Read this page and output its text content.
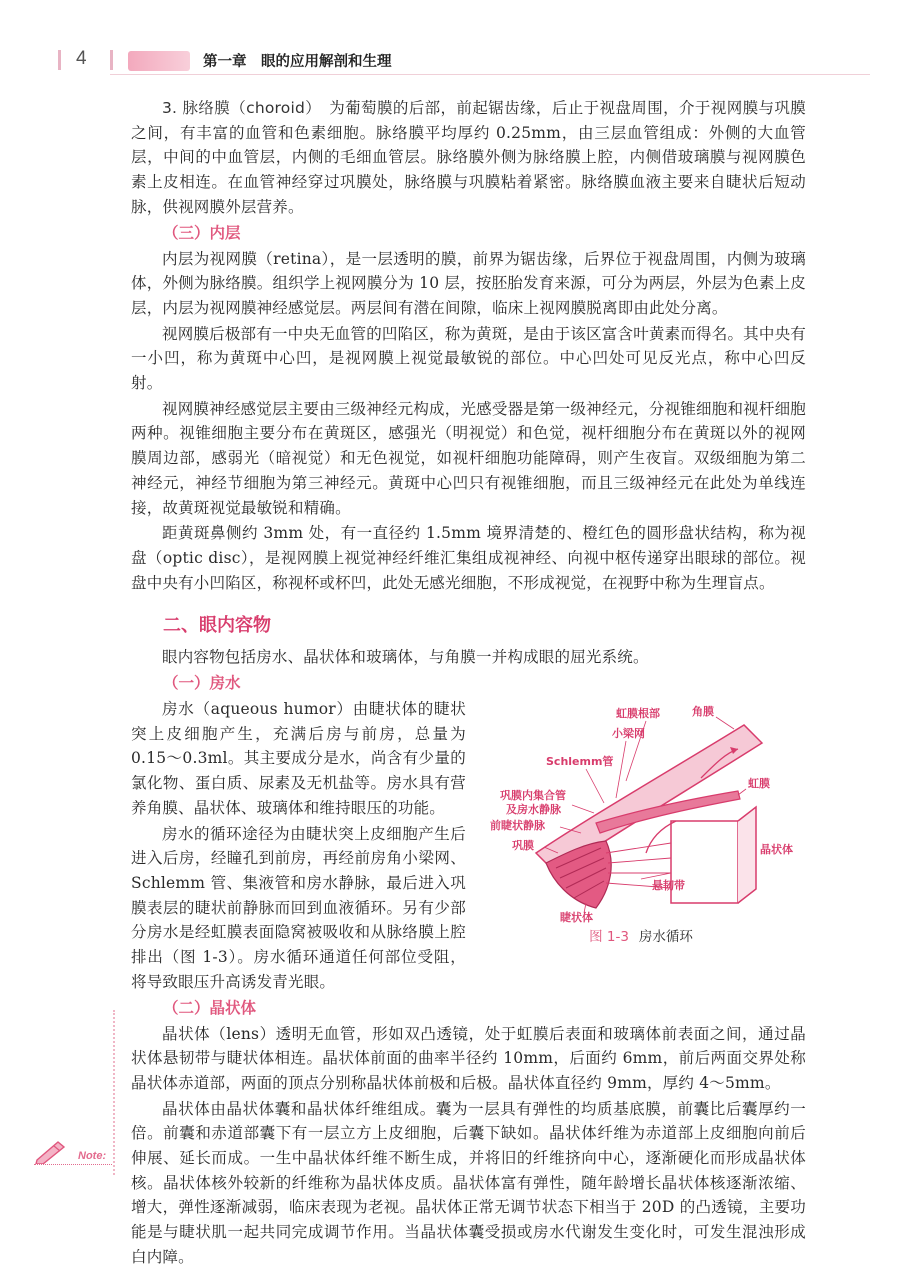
4	第一章　眼的应用解剖和生理

3. 脉络膜（choroid）　 为葡萄膜的后部，前起锯齿缘，后止于视盘周围，介于视网膜与巩膜之间，有丰富的血管和色素细胞。脉络膜平均厚约 0.25mm，由三层血管组成：外侧的大血管层，中间的中血管层，内侧的毛细血管层。脉络膜外侧为脉络膜上腔，内侧借玻璃膜与视网膜色素上皮相连。在血管神经穿过巩膜处，脉络膜与巩膜粘着紧密。脉络膜血液主要来自睫状后短动脉，供视网膜外层营养。

（三）内层

内层为视网膜（retina），是一层透明的膜，前界为锯齿缘，后界位于视盘周围，内侧为玻璃体，外侧为脉络膜。组织学上视网膜分为 10 层，按胚胎发育来源，可分为两层，外层为色素上皮层，内层为视网膜神经感觉层。两层间有潜在间隙，临床上视网膜脱离即由此处分离。

视网膜后极部有一中央无血管的凹陷区，称为黄斑，是由于该区富含叶黄素而得名。其中央有一小凹，称为黄斑中心凹，是视网膜上视觉最敏锐的部位。中心凹处可见反光点，称中心凹反射。

视网膜神经感觉层主要由三级神经元构成，光感受器是第一级神经元，分视锥细胞和视杆细胞两种。视锥细胞主要分布在黄斑区，感强光（明视觉）和色觉，视杆细胞分布在黄斑以外的视网膜周边部，感弱光（暗视觉）和无色视觉，如视杆细胞功能障碍，则产生夜盲。双级细胞为第二神经元，神经节细胞为第三神经元。黄斑中心凹只有视锥细胞，而且三级神经元在此处为单线连接，故黄斑视觉最敏锐和精确。

距黄斑鼻侧约 3mm 处，有一直径约 1.5mm 境界清楚的、橙红色的圆形盘状结构，称为视盘（optic disc），是视网膜上视觉神经纤维汇集组成视神经、向视中枢传递穿出眼球的部位。视盘中央有小凹陷区，称视杯或杯凹，此处无感光细胞，不形成视觉，在视野中称为生理盲点。

二、眼内容物

眼内容物包括房水、晶状体和玻璃体，与角膜一并构成眼的屈光系统。

（一）房水
虹膜根部	角膜
小梁网
Schlemm管
虹膜
巩膜内集合管
及房水静脉
前睫状静脉
巩膜	晶状体
悬韧带
睫状体
图 1-3 房水循环

房水（aqueous humor）由睫状体的睫状突上皮细胞产生，充满后房与前房，总量为 0.15～0.3ml。其主要成分是水，尚含有少量的氯化物、蛋白质、尿素及无机盐等。房水具有营养角膜、晶状体、玻璃体和维持眼压的功能。

房水的循环途径为由睫状突上皮细胞产生后进入后房，经瞳孔到前房，再经前房角小梁网、Schlemm 管、集液管和房水静脉，最后进入巩膜表层的睫状前静脉而回到血液循环。另有少部分房水是经虹膜表面隐窝被吸收和从脉络膜上腔排出（图 1-3）。房水循环通道任何部位受阻，将导致眼压升高诱发青光眼。

（二）晶状体

晶状体（lens）透明无血管，形如双凸透镜，处于虹膜后表面和玻璃体前表面之间，通过晶状体悬韧带与睫状体相连。晶状体前面的曲率半径约 10mm，后面约 6mm，前后两面交界处称晶状体赤道部，两面的顶点分别称晶状体前极和后极。晶状体直径约 9mm，厚约 4～5mm。

晶状体由晶状体囊和晶状体纤维组成。囊为一层具有弹性的均质基底膜，前囊比后囊厚约一倍。前囊和赤道部囊下有一层立方上皮细胞，后囊下缺如。晶状体纤维为赤道部上皮细胞向前后伸展、延长而成。一生中晶状体纤维不断生成，并将旧的纤维挤向中心，逐渐硬化而形成晶状体核。晶状体核外较新的纤维称为晶状体皮质。晶状体富有弹性，随年龄增长晶状体核逐渐浓缩、增大，弹性逐渐减弱，临床表现为老视。晶状体正常无调节状态下相当于 20D 的凸透镜，主要功能是与睫状肌一起共同完成调节作用。当晶状体囊受损或房水代谢发生变化时，可发生混浊形成白内障。

Note:
